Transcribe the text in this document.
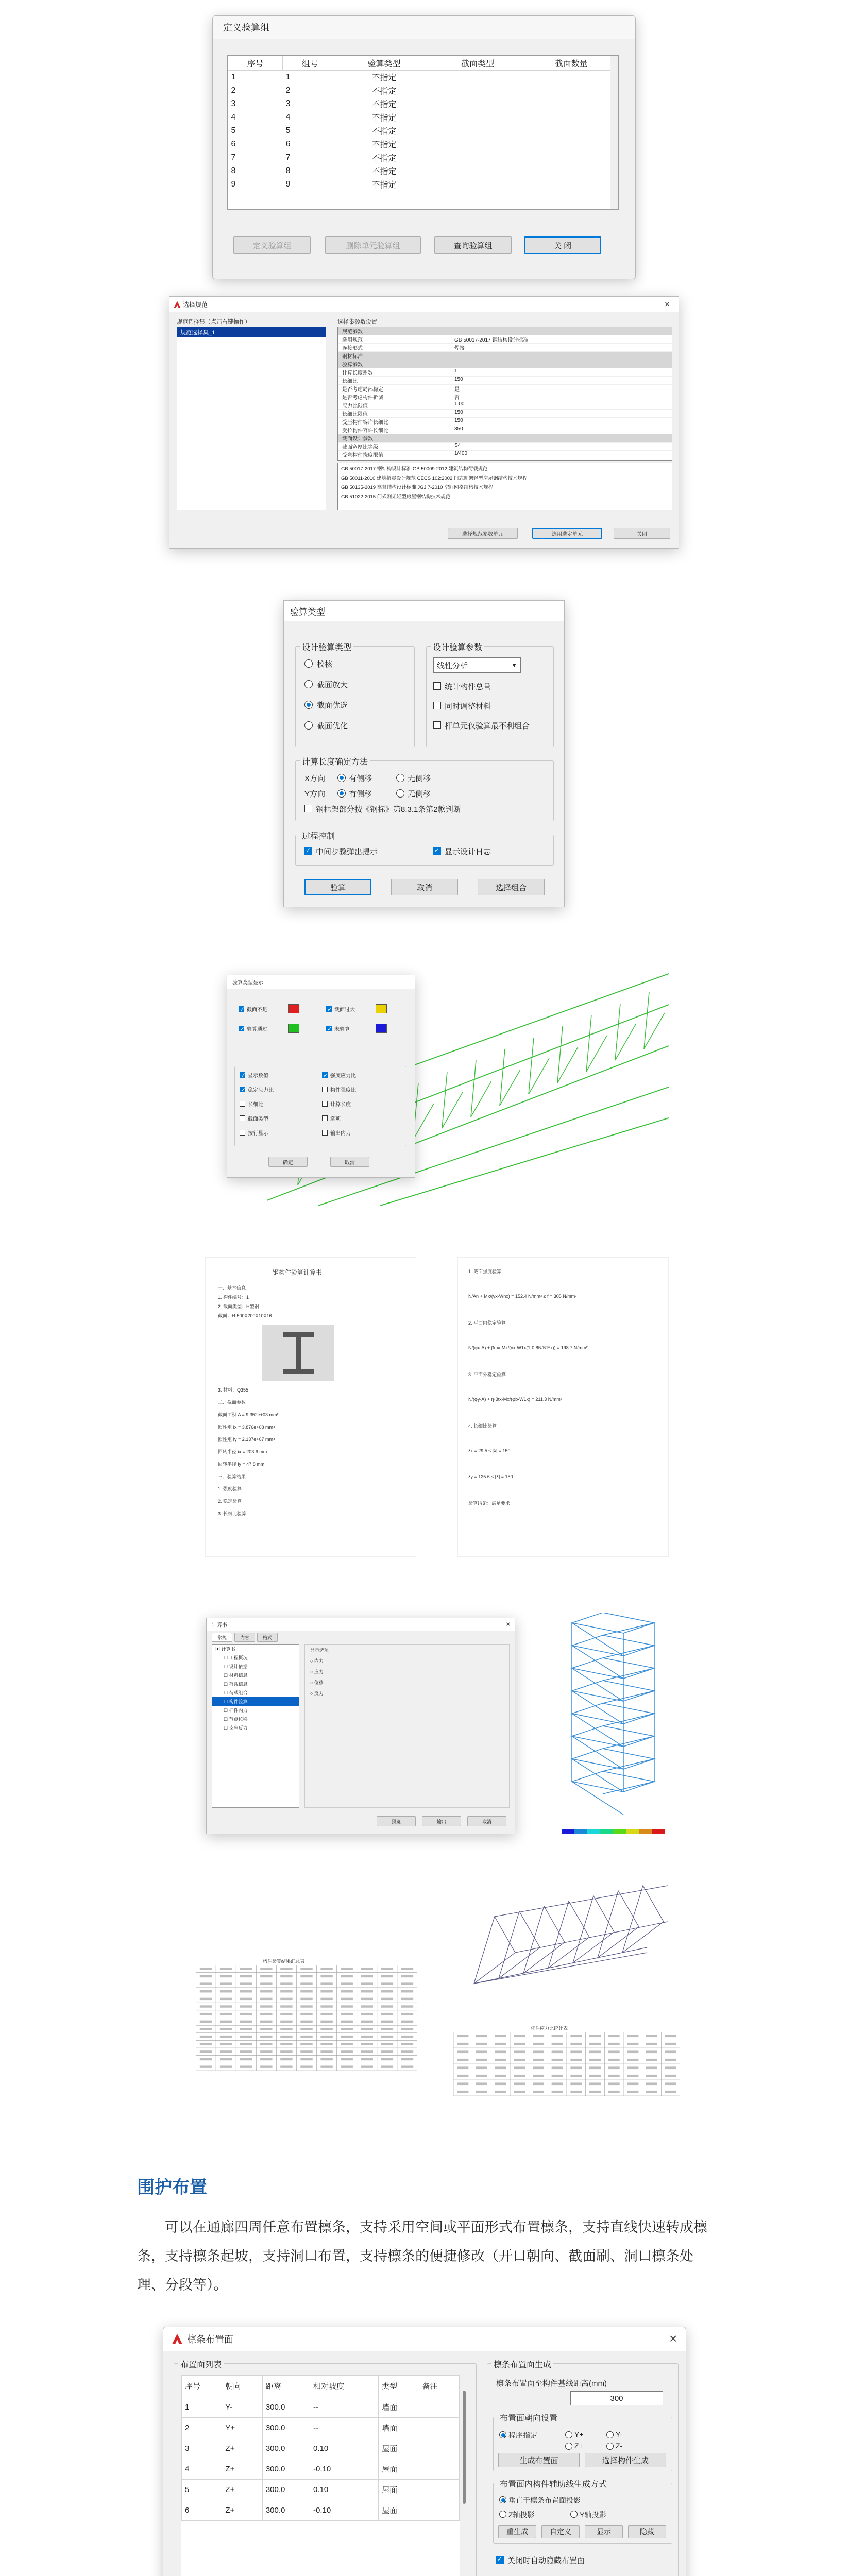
定义验算组
序号	组号	验算类型	截面类型	截面数量
1	1	不指定		
2	2	不指定		
3	3	不指定		
4	4	不指定		
5	5	不指定		
6	6	不指定		
7	7	不指定		
8	8	不指定		
9	9	不指定		
定义验算组	删除单元验算组	查询验算组	关 闭
选择规范	✕
规范选择集（点击右键操作）
规范选择集_1
选择集参数设置
规范参数
选用规范	GB 50017-2017 钢结构设计标准
连接形式	焊接
钢材标准
验算参数
计算长度系数	1
长细比	150
是否考虑局部稳定	是
是否考虑构件折减	否
应力比限值	1.00
长细比限值	150
受压构件容许长细比	150
受拉构件容许长细比	350
截面设计参数
截面宽厚比等级	S4
受弯构件挠度限值	1/400
GB 50017-2017 钢结构设计标准 GB 50009-2012 建筑结构荷载规范
GB 50011-2010 建筑抗震设计规范 CECS 102:2002 门式刚架轻型房屋钢结构技术规程
GB 50135-2019 高耸结构设计标准 JGJ 7-2010 空间网格结构技术规程
GB 51022-2015 门式刚架轻型房屋钢结构技术规范
选择规范参数单元	选用选定单元	关闭
验算类型
设计验算类型	设计验算参数
线性分析	▼
计算长度确定方法
钢框架部分按《钢标》第8.3.1条第2款判断
过程控制
✓
中间步骤弹出提示 ✓	显示设计日志
验算	取消	选择组合
校核
截面放大
截面优选
截面优化
统计构件总量
同时调整材料
杆单元仅验算最不利组合
X方向	有侧移	无侧移
Y方向	有侧移	无侧移
验算类型显示
确定	取消
✓
截面不足 ✓	截面过大
✓
验算通过 ✓	未验算
✓
显示数值 ✓	强度应力比
✓
稳定应力比	构件强度比
长细比	计算长度
截面类型	选项
按行显示	输出内力
钢构件验算计算书
一、基本信息
1. 构件编号：1
2. 截面类型：H型钢
截面：H-500X200X10X16
3. 材料：Q355
二、截面参数
截面面积 A = 9.352e+03 mm²
惯性矩 Ix = 3.876e+08 mm⁴
惯性矩 Iy = 2.137e+07 mm⁴
回转半径 ix = 203.6 mm
回转半径 iy = 47.8 mm
三、验算结果
1. 强度验算
2. 稳定验算
3. 长细比验算
1. 截面强度验算
N/An + Mx/(γx·Wnx) = 152.4 N/mm² ≤ f = 305 N/mm²
2. 平面内稳定验算
N/(φx·A) + βmx·Mx/(γx·W1x(1-0.8N/N'Ex)) = 198.7 N/mm²
3. 平面外稳定验算
N/(φy·A) + η·βtx·Mx/(φb·W1x) = 211.3 N/mm²
4. 长细比验算
λx = 29.5 ≤ [λ] = 150
λy = 125.6 ≤ [λ] = 150
验算结论：满足要求
计算书	✕
▣ 计算书
☐ 工程概况
☐ 设计依据
☐ 材料信息
☐ 荷载信息
☐ 荷载组合
☐ 构件验算
☐ 杆件内力
☐ 节点位移
☐ 支座反力
显示选项
○ 内力
○ 应力
○ 位移
○ 反力
常规	内容	格式
预览	输出	取消
构件验算结果汇总表
杆件应力比统计表
围护布置
可以在通廊四周任意布置檩条，支持采用空间或平面形式布置檩条，支持直线快速转成檩条，支持檩条起坡，支持洞口布置，支持檩条的便捷修改（开口朝向、截面刷、洞口檩条处理、分段等）。
檩条布置面	✕
布置面列表
序号	朝向	距离	相对坡度	类型	备注
1	Y-	300.0	--	墙面	
2	Y+	300.0	--	墙面	
3	Z+	300.0	0.10	屋面	
4	Z+	300.0	-0.10	屋面	
5	Z+	300.0	0.10	屋面	
6	Z+	300.0	-0.10	屋面	
檩条布置面生成
檩条布置面至构件基线距离(mm)
300
布置面朝向设置
生成布置面	选择构件生成
布置面内构件辅助线生成方式
✓
关闭时自动隐藏布置面
程序指定	Y+	Y-
Z+	Z-
垂直于檩条布置面投影
Z轴投影	Y轴投影
重生成	自定义	显示	隐藏
